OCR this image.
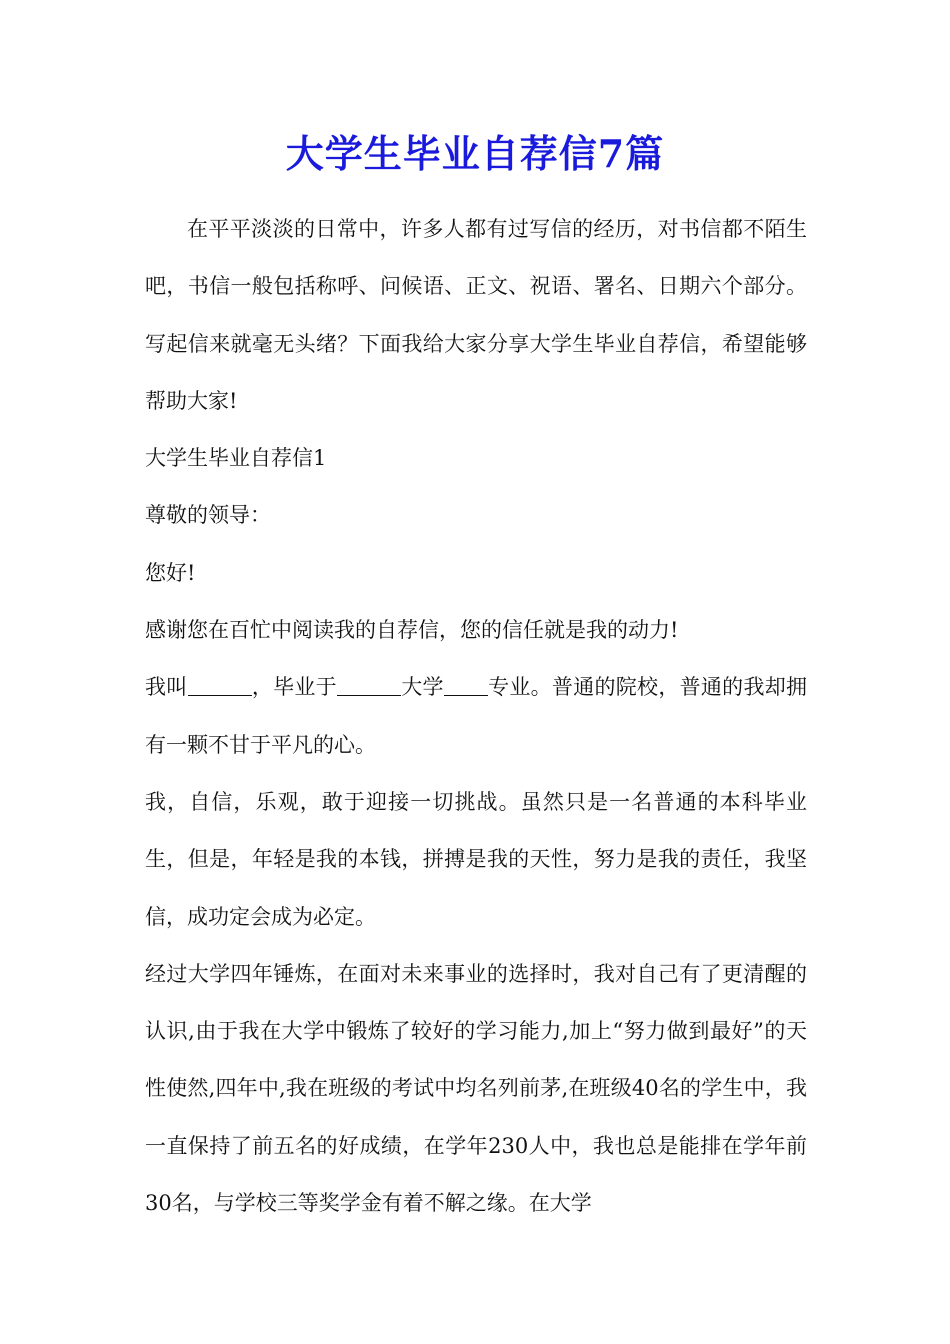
大学生毕业自荐信7篇

在平平淡淡的日常中，许多人都有过写信的经历，对书信都不陌生吧，书信一般包括称呼、问候语、正文、祝语、署名、日期六个部分。写起信来就毫无头绪？下面我给大家分享大学生毕业自荐信，希望能够帮助大家!

大学生毕业自荐信1

尊敬的领导：

您好!

感谢您在百忙中阅读我的自荐信，您的信任就是我的动力!

我叫	，毕业于	大学 专业。普通的院校，普通的我却拥有一颗不甘于平凡的心。

我，自信，乐观，敢于迎接一切挑战。虽然只是一名普通的本科毕业生，但是，年轻是我的本钱，拼搏是我的天性，努力是我的责任，我坚信，成功定会成为必定。

经过大学四年锤炼，在面对未来事业的选择时，我对自己有了更清醒的认识,由于我在大学中锻炼了较好的学习能力,加上“努力做到最好”的天性使然,四年中,我在班级的考试中均名列前茅,在班级40名的学生中，我一直保持了前五名的好成绩，在学年230人中，我也总是能排在学年前30名，与学校三等奖学金有着不解之缘。在大学
